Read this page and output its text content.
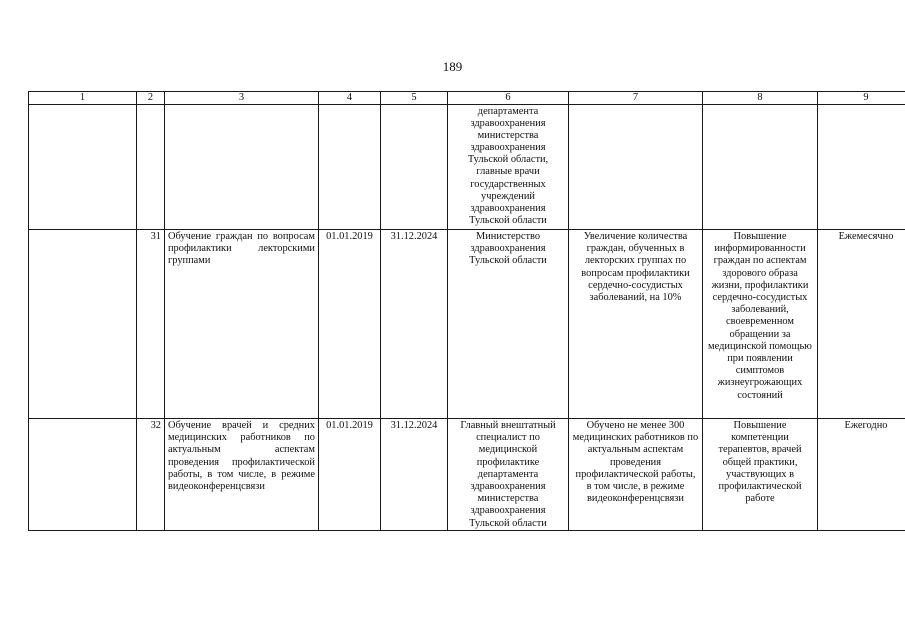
189
1	2	3	4	5	6	7	8	9
					департамента здравоохранения министерства здравоохранения Тульской области, главные врачи государственных учреждений здравоохранения Тульской области			
	31	Обучение граждан по вопросам профилактики лекторскими группами	01.01.2019	31.12.2024	Министерство здравоохранения Тульской области	Увеличение количества граждан, обученных в лекторских группах по вопросам профилактики сердечно-сосудистых заболеваний, на 10%	Повышение информированности граждан по аспектам здорового образа жизни, профилактики сердечно-сосудистых заболеваний, своевременном обращении за медицинской помощью при появлении симптомов жизнеугрожающих состояний	Ежемесячно
	32	Обучение врачей и средних медицинских работников по актуальным аспектам проведения профилактической работы, в том числе, в режиме видеоконференцсвязи	01.01.2019	31.12.2024	Главный внештатный специалист по медицинской профилактике департамента здравоохранения министерства здравоохранения Тульской области	Обучено не менее 300 медицинских работников по актуальным аспектам проведения профилактической работы, в том числе, в режиме видеоконференцсвязи	Повышение компетенции терапевтов, врачей общей практики, участвующих в профилактической работе	Ежегодно
